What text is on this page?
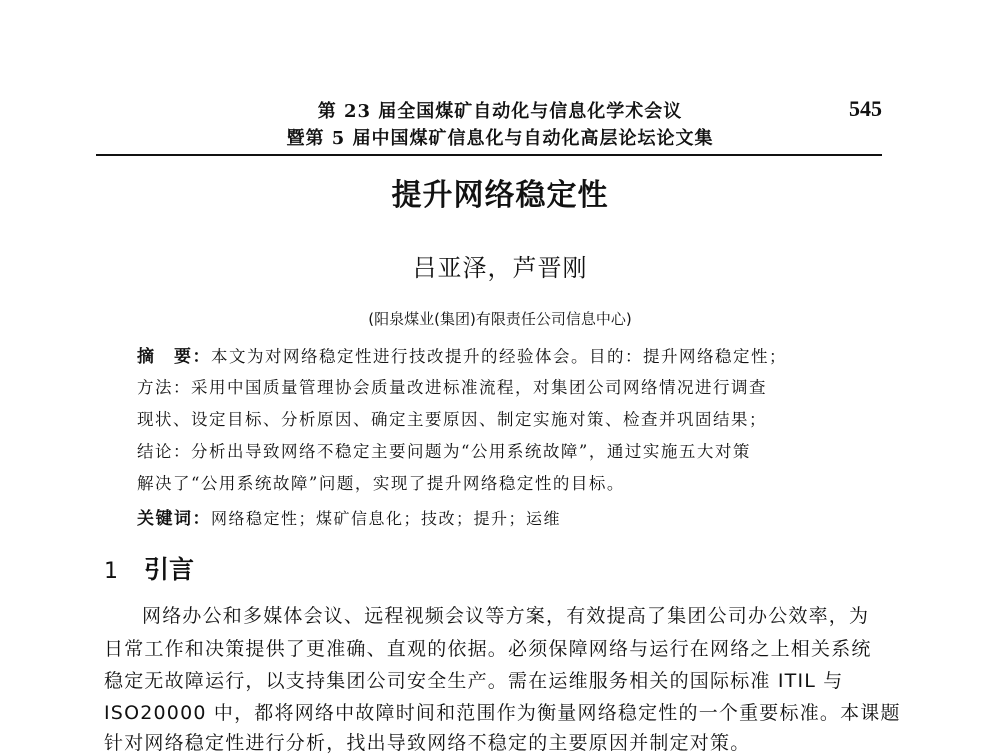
第 23 届全国煤矿自动化与信息化学术会议
暨第 5 届中国煤矿信息化与自动化高层论坛论文集
545
提升网络稳定性
吕亚泽，芦晋刚
(阳泉煤业(集团)有限责任公司信息中心)
摘　要：本文为对网络稳定性进行技改提升的经验体会。目的：提升网络稳定性；
方法：采用中国质量管理协会质量改进标准流程，对集团公司网络情况进行调查
现状、设定目标、分析原因、确定主要原因、制定实施对策、检查并巩固结果；
结论：分析出导致网络不稳定主要问题为“公用系统故障”，通过实施五大对策
解决了“公用系统故障”问题，实现了提升网络稳定性的目标。
关键词：网络稳定性；煤矿信息化；技改；提升；运维
1 引言
网络办公和多媒体会议、远程视频会议等方案，有效提高了集团公司办公效率，为
日常工作和决策提供了更准确、直观的依据。必须保障网络与运行在网络之上相关系统
稳定无故障运行，以支持集团公司安全生产。需在运维服务相关的国际标准 ITIL 与
ISO20000 中，都将网络中故障时间和范围作为衡量网络稳定性的一个重要标准。本课题
针对网络稳定性进行分析，找出导致网络不稳定的主要原因并制定对策。
